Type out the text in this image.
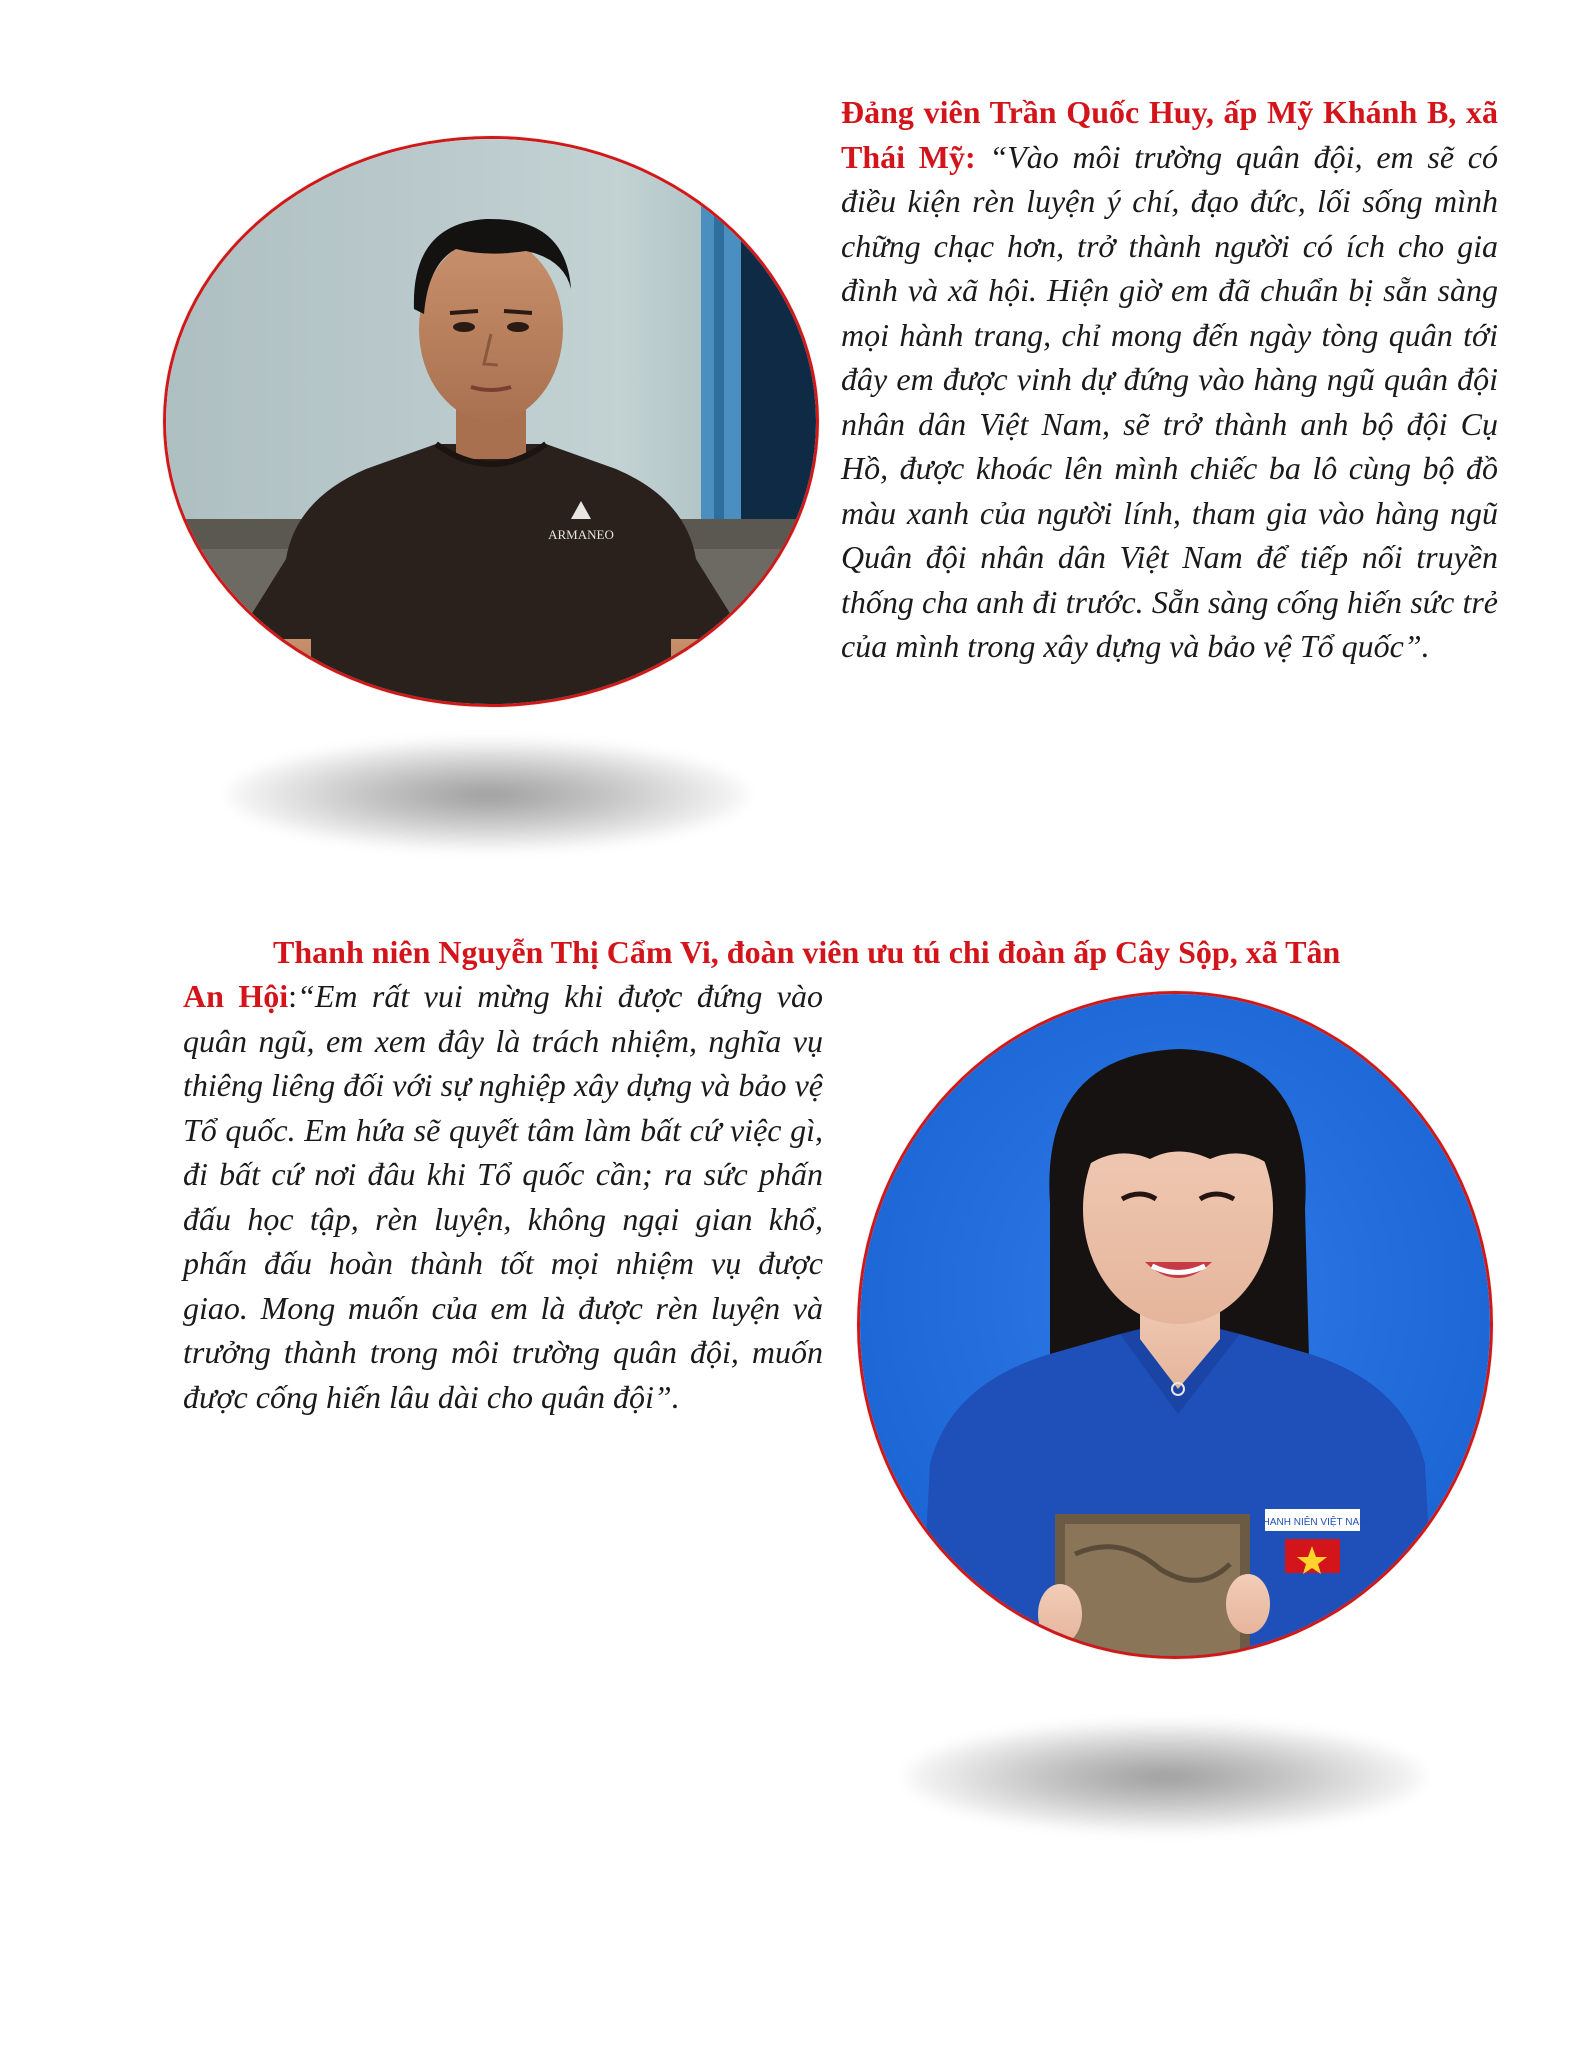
ARMANEO
Đảng viên Trần Quốc Huy, ấp Mỹ Khánh B, xã Thái Mỹ: “Vào môi trường quân đội, em sẽ có điều kiện rèn luyện ý chí, đạo đức, lối sống mình chững chạc hơn, trở thành người có ích cho gia đình và xã hội. Hiện giờ em đã chuẩn bị sẵn sàng mọi hành trang, chỉ mong đến ngày tòng quân tới đây em được vinh dự đứng vào hàng ngũ quân đội nhân dân Việt Nam, sẽ trở thành anh bộ đội Cụ Hồ, được khoác lên mình chiếc ba lô cùng bộ đồ màu xanh của người lính, tham gia vào hàng ngũ Quân đội nhân dân Việt Nam để tiếp nối truyền thống cha anh đi trước. Sẵn sàng cống hiến sức trẻ của mình trong xây dựng và bảo vệ Tổ quốc”.
Thanh niên Nguyễn Thị Cẩm Vi, đoàn viên ưu tú chi đoàn ấp Cây Sộp, xã Tân
An Hội:“Em rất vui mừng khi được đứng vào quân ngũ, em xem đây là trách nhiệm, nghĩa vụ thiêng liêng đối với sự nghiệp xây dựng và bảo vệ Tổ quốc. Em hứa sẽ quyết tâm làm bất cứ việc gì, đi bất cứ nơi đâu khi Tổ quốc cần; ra sức phấn đấu học tập, rèn luyện, không ngại gian khổ, phấn đấu hoàn thành tốt mọi nhiệm vụ được giao. Mong muốn của em là được rèn luyện và trưởng thành trong môi trường quân đội, muốn được cống hiến lâu dài cho quân đội”.
THANH NIÊN VIỆT NAM
